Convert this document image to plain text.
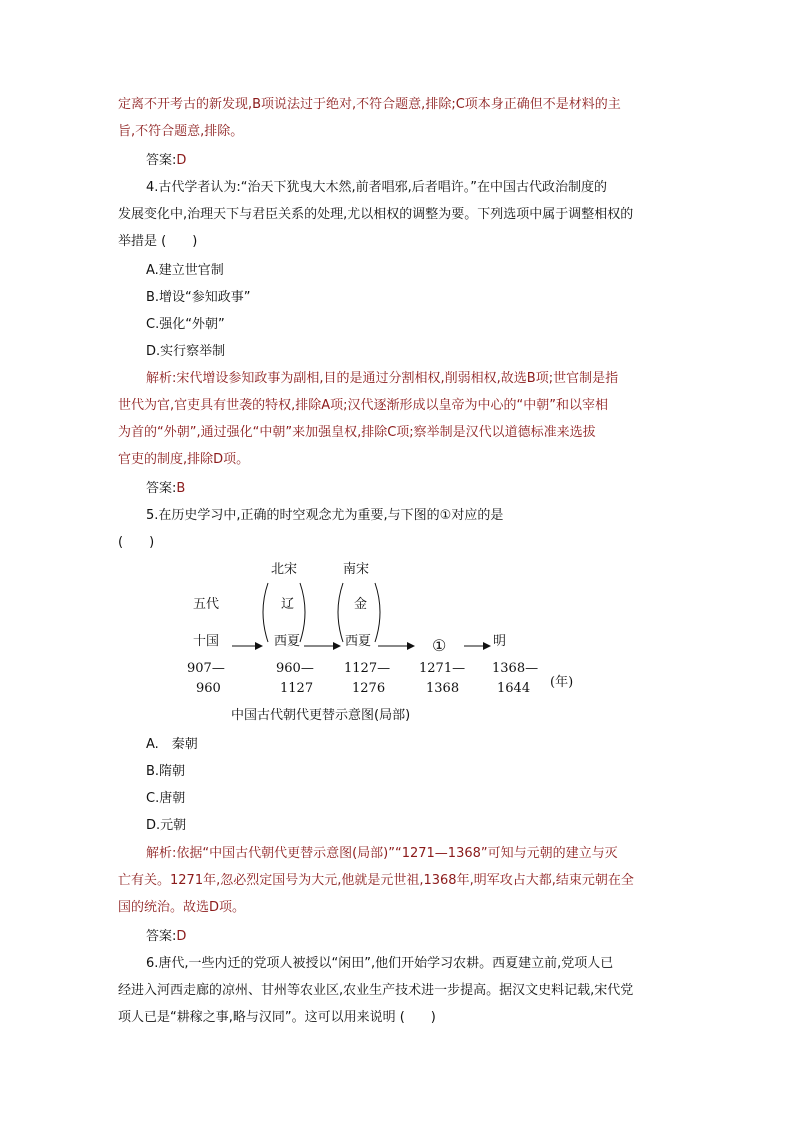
定离不开考古的新发现,B项说法过于绝对,不符合题意,排除;C项本身正确但不是材料的主
旨,不符合题意,排除。
答案:D
4.古代学者认为:“治天下犹曳大木然,前者唱邪,后者唱许。”在中国古代政治制度的
发展变化中,治理天下与君臣关系的处理,尤以相权的调整为要。下列选项中属于调整相权的
举措是 (　　)
A.建立世官制
B.增设“参知政事”
C.强化“外朝”
D.实行察举制
解析:宋代增设参知政事为副相,目的是通过分割相权,削弱相权,故选B项;世官制是指
世代为官,官吏具有世袭的特权,排除A项;汉代逐渐形成以皇帝为中心的“中朝”和以宰相
为首的“外朝”,通过强化“中朝”来加强皇权,排除C项;察举制是汉代以道德标准来选拔
官吏的制度,排除D项。
答案:B
5.在历史学习中,正确的时空观念尤为重要,与下图的①对应的是
(　　)
A.　秦朝
B.隋朝
C.唐朝
D.元朝
解析:依据“中国古代朝代更替示意图(局部)”“1271—1368”可知与元朝的建立与灭
亡有关。1271年,忽必烈定国号为大元,他就是元世祖,1368年,明军攻占大都,结束元朝在全
国的统治。故选D项。
答案:D
6.唐代,一些内迁的党项人被授以“闲田”,他们开始学习农耕。西夏建立前,党项人已
经进入河西走廊的凉州、甘州等农业区,农业生产技术进一步提高。据汉文史料记载,宋代党
项人已是“耕稼之事,略与汉同”。这可以用来说明 (　　)
北宋	南宋
五代	辽	金
十国	西夏	西夏	①	明
907—
960
960—
1127
1127—
1276
1271—
1368
1368—
1644 (年)
中国古代朝代更替示意图(局部)
